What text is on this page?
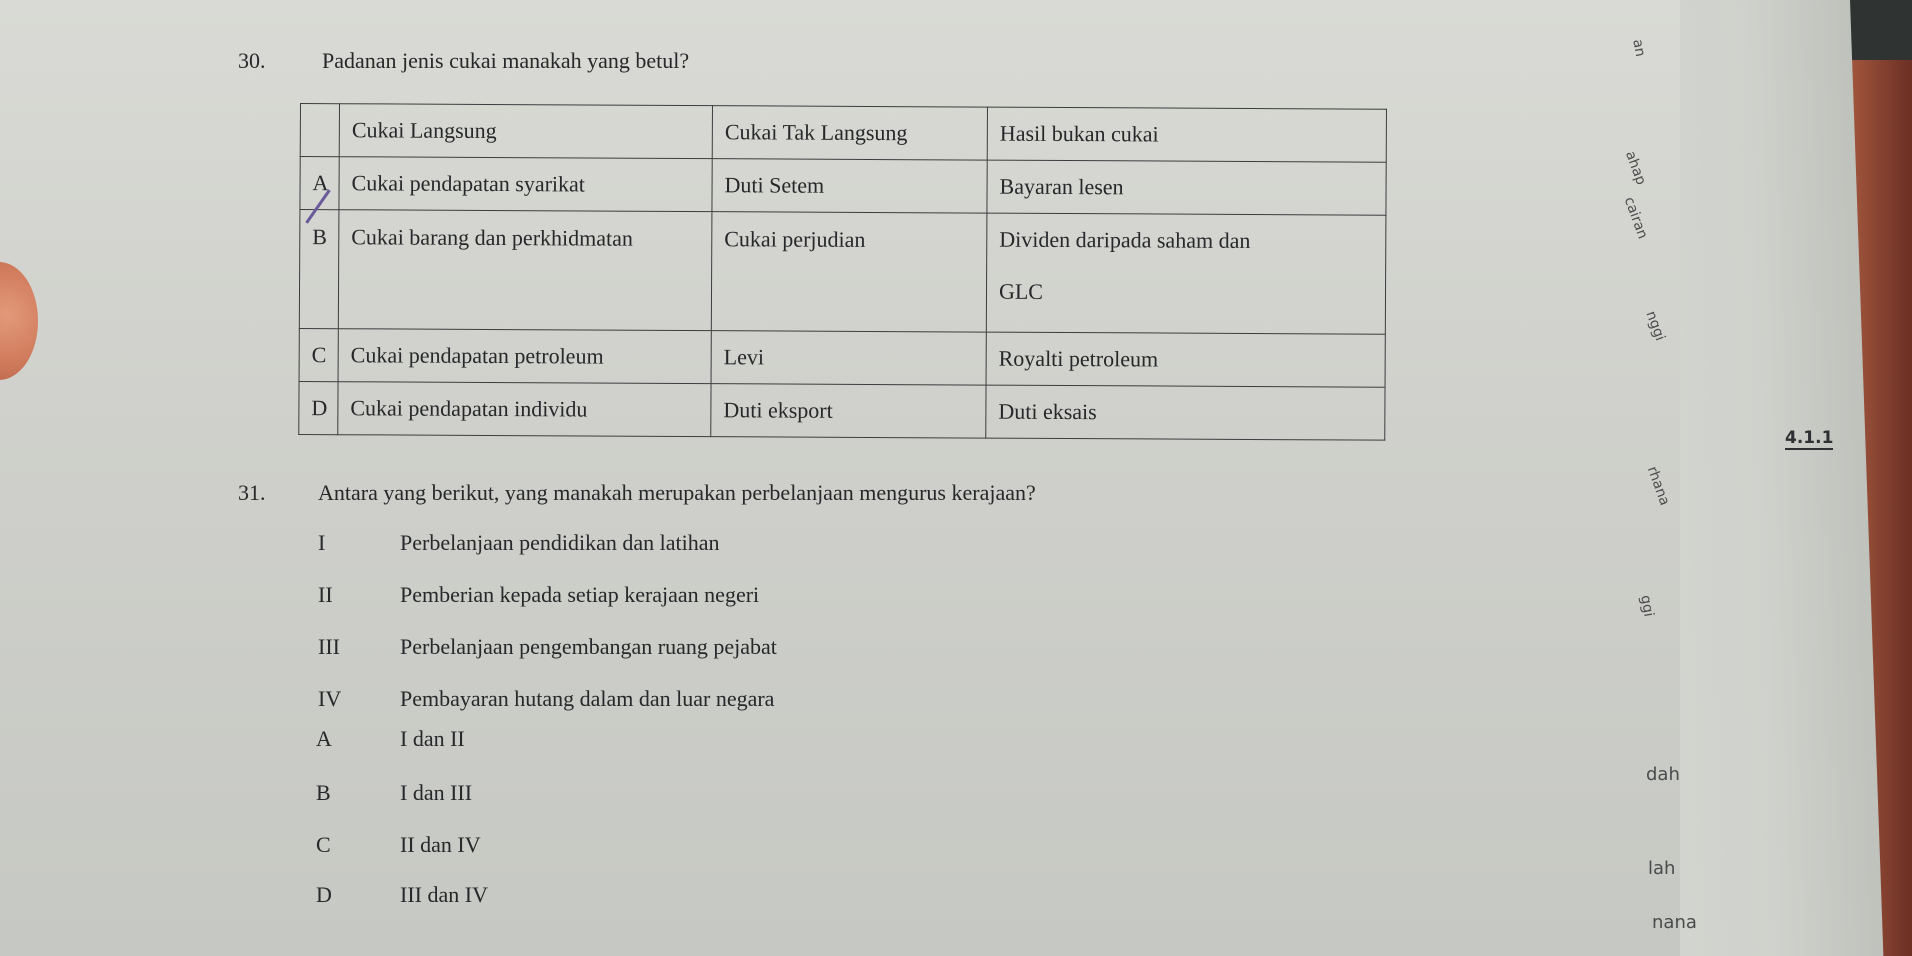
an
ahap
cairan
nggi
4.1.1
rhana
ggi
dah
lah
nana
30.	Padanan jenis cukai manakah yang betul?
	Cukai Langsung	Cukai Tak Langsung	Hasil bukan cukai
A	Cukai pendapatan syarikat	Duti Setem	Bayaran lesen
B	Cukai barang dan perkhidmatan	Cukai perjudian	Dividen daripada saham dan
GLC

C	Cukai pendapatan petroleum	Levi	Royalti petroleum
D	Cukai pendapatan individu	Duti eksport	Duti eksais
31. Antara yang berikut, yang manakah merupakan perbelanjaan mengurus kerajaan?
I	Perbelanjaan pendidikan dan latihan
II	Pemberian kepada setiap kerajaan negeri
III	Perbelanjaan pengembangan ruang pejabat
IV	Pembayaran hutang dalam dan luar negara
A	I dan II
B	I dan III
C	II dan IV
D	III dan IV
